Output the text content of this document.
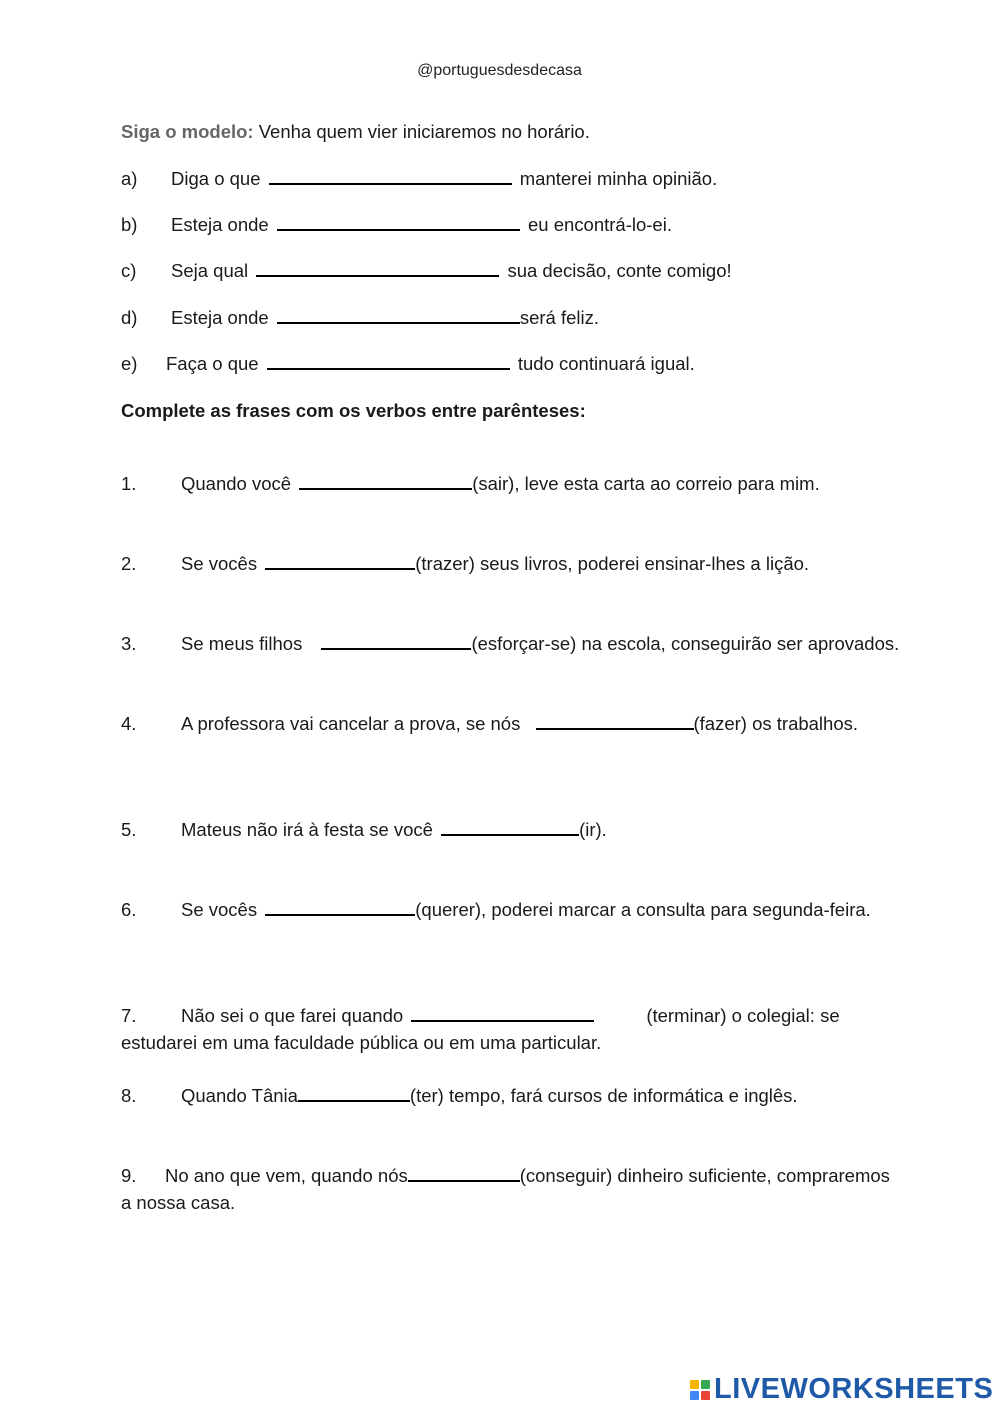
@portuguesdesdecasa
Siga o modelo: Venha quem vier iniciaremos no horário.
a) Diga o que	manterei minha opinião.
b) Esteja onde	eu encontrá-lo-ei.
c) Seja qual	sua decisão, conte comigo!
d) Esteja onde	será feliz.
e) Faça o que	tudo continuará igual.
Complete as frases com os verbos entre parênteses:
1. Quando você	(sair), leve esta carta ao correio para mim.
2. Se vocês	(trazer) seus livros, poderei ensinar-lhes a lição.
3. Se meus filhos	(esforçar-se) na escola, conseguirão ser aprovados.
4. A professora vai cancelar a prova, se nós	(fazer) os trabalhos.
5. Mateus não irá à festa se você	(ir).
6. Se vocês	(querer), poderei marcar a consulta para segunda-feira.
7. Não sei o que farei quando	(terminar) o colegial: se estudarei em uma faculdade pública ou em uma particular.
8. Quando Tânia	(ter) tempo, fará cursos de informática e inglês.
9. No ano que vem, quando nós	(conseguir) dinheiro suficiente, compraremos a nossa casa.
LIVEWORKSHEETS
